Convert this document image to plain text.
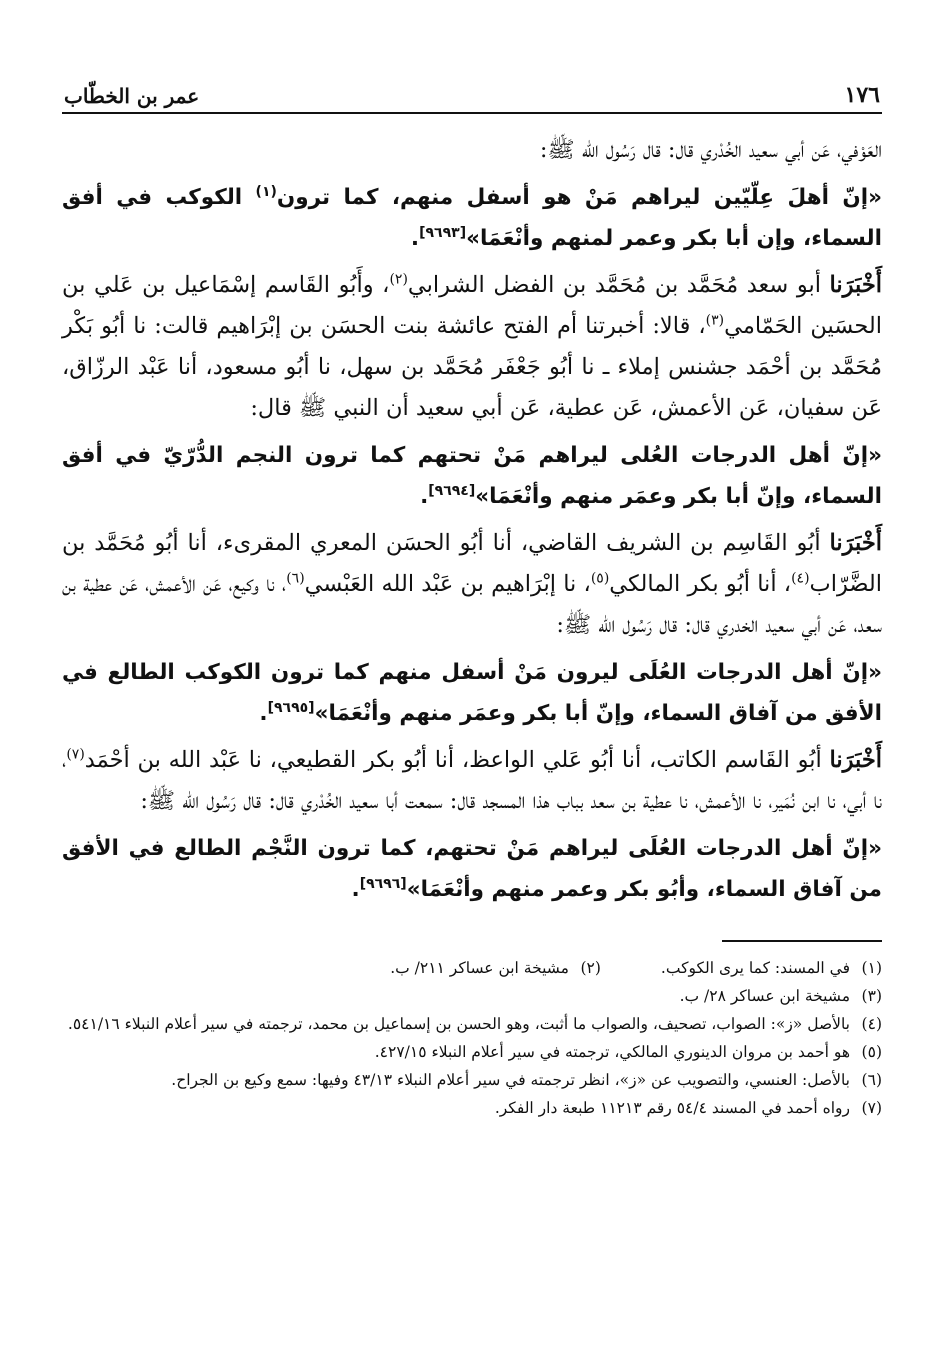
١٧٦
عمر بن الخطّاب

العَوْفي، عَن أبي سعيد الخُدْري قال: قال رَسُول الله ﷺ:

«إنّ أهلَ عِلّيّين ليراهم مَنْ هو أسفل منهم، كما ترون$^{(١)}$ الكوكب في أفق السماء، وإن أبا بكر وعمر لمنهم وأنْعَمَا»[٩٦٩٣].

أَخْبَرَنا أبو سعد مُحَمَّد بن مُحَمَّد بن الفضل الشرابي$^{(٢)}$، وأَبُو القَاسم إسْمَاعيل بن عَلي بن الحسَين الحَمّامي$^{(٣)}$، قالا: أخبرتنا أم الفتح عائشة بنت الحسَن بن إبْرَاهيم قالت: نا أبُو بَكْر مُحَمَّد بن أحْمَد جشنس إملاء ـ نا أبُو جَعْفَر مُحَمَّد بن سهل، نا أبُو مسعود، أنا عَبْد الرزّاق، عَن سفيان، عَن الأعمش، عَن عطية، عَن أبي سعيد أن النبي ﷺ قال:

«إنّ أهل الدرجات العُلى ليراهم مَنْ تحتهم كما ترون النجم الدُّرّيّ في أفق السماء، وإنّ أبا بكر وعمَر منهم وأنْعَمَا»[٩٦٩٤].

أَخْبَرَنا أبُو القَاسِم بن الشريف القاضي، أنا أبُو الحسَن المعري المقرىء، أنا أبُو مُحَمَّد بن الضَّرّاب$^{(٤)}$، أنا أبُو بكر المالكي$^{(٥)}$، نا إبْرَاهيم بن عَبْد الله العَبْسي$^{(٦)}$، نا وكيع، عَن الأعمش، عَن عطية بن سعد، عَن أبي سعيد الخدري قال: قال رَسُول الله ﷺ:

«إنّ أهل الدرجات العُلَى ليرون مَنْ أسفل منهم كما ترون الكوكب الطالع في الأفق من آفاق السماء، وإنّ أبا بكر وعمَر منهم وأنْعَمَا»[٩٦٩٥].

أَخْبَرَنا أبُو القَاسم الكاتب، أنا أبُو عَلي الواعظ، أنا أبُو بكر القطيعي، نا عَبْد الله بن أحْمَد$^{(٧)}$، نا أبي، نا ابن نُمَير، نا الأعمش، نا عطية بن سعد بباب هذا المسجد قال: سمعت أبا سعيد الخُدْري قال: قال رَسُول الله ﷺ:

«إنّ أهل الدرجات العُلَى ليراهم مَنْ تحتهم، كما ترون النَّجْم الطالع في الأفق من آفاق السماء، وأبُو بكر وعمر منهم وأنْعَمَا»[٩٦٩٦].

(١)
في المسند: كما يرى الكوكب.
(٢)
مشيخة ابن عساكر ٢١١/ ب.
(٣)
مشيخة ابن عساكر ٢٨/ ب.
(٤)
بالأصل «ز»: الصواب، تصحيف، والصواب ما أثبت، وهو الحسن بن إسماعيل بن محمد، ترجمته في سير أعلام النبلاء ٥٤١/١٦.
(٥)
هو أحمد بن مروان الدينوري المالكي، ترجمته في سير أعلام النبلاء ٤٢٧/١٥.
(٦)
بالأصل: العنسي، والتصويب عن «ز»، انظر ترجمته في سير أعلام النبلاء ٤٣/١٣ وفيها: سمع وكيع بن الجراح.
(٧)
رواه أحمد في المسند ٥٤/٤ رقم ١١٢١٣ طبعة دار الفكر.
